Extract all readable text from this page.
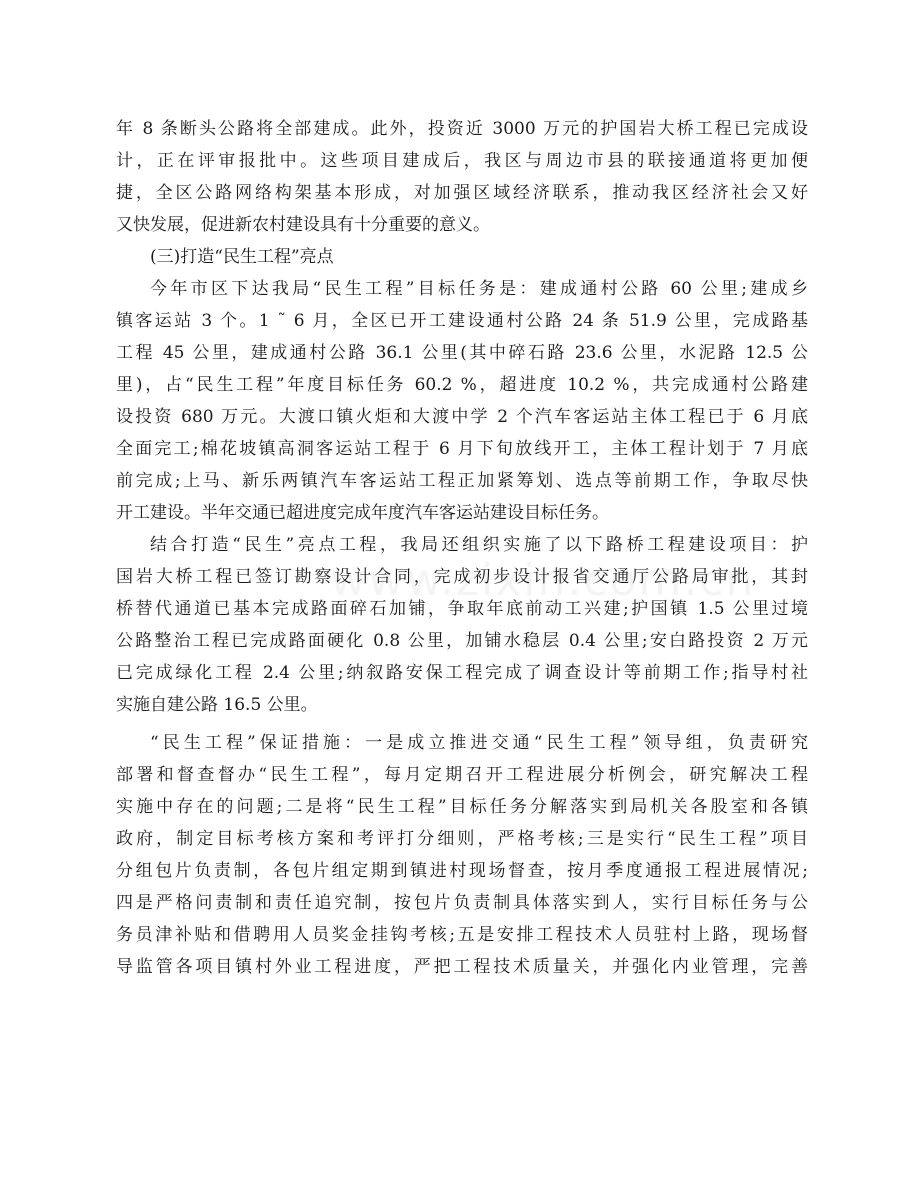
年 8 条断头公路将全部建成。此外，投资近 3000 万元的护国岩大桥工程已完成设
计，正在评审报批中。这些项目建成后，我区与周边市县的联接通道将更加便
捷，全区公路网络构架基本形成，对加强区域经济联系，推动我区经济社会又好
又快发展，促进新农村建设具有十分重要的意义。
(三)打造“民生工程”亮点
今年市区下达我局“民生工程”目标任务是：建成通村公路 60 公里;建成乡
镇客运站 3 个。1 ˜ 6 月，全区已开工建设通村公路 24 条 51.9 公里，完成路基
工程 45 公里，建成通村公路 36.1 公里(其中碎石路 23.6 公里，水泥路 12.5 公
里)，占“民生工程”年度目标任务 60.2 %，超进度 10.2 %，共完成通村公路建
设投资 680 万元。大渡口镇火炬和大渡中学 2 个汽车客运站主体工程已于 6 月底
全面完工;棉花坡镇高洞客运站工程于 6 月下旬放线开工，主体工程计划于 7 月底
前完成;上马、新乐两镇汽车客运站工程正加紧筹划、选点等前期工作，争取尽快
开工建设。半年交通已超进度完成年度汽车客运站建设目标任务。
结合打造“民生”亮点工程，我局还组织实施了以下路桥工程建设项目：护
国岩大桥工程已签订勘察设计合同，完成初步设计报省交通厅公路局审批，其封
桥替代通道已基本完成路面碎石加铺，争取年底前动工兴建;护国镇 1.5 公里过境
公路整治工程已完成路面硬化 0.8 公里，加铺水稳层 0.4 公里;安白路投资 2 万元
已完成绿化工程 2.4 公里;纳叙路安保工程完成了调查设计等前期工作;指导村社
实施自建公路 16.5 公里。
“民生工程”保证措施：一是成立推进交通“民生工程”领导组，负责研究
部署和督查督办“民生工程”，每月定期召开工程进展分析例会，研究解决工程
实施中存在的问题;二是将“民生工程”目标任务分解落实到局机关各股室和各镇
政府，制定目标考核方案和考评打分细则，严格考核;三是实行“民生工程”项目
分组包片负责制，各包片组定期到镇进村现场督查，按月季度通报工程进展情况;
四是严格问责制和责任追究制，按包片负责制具体落实到人，实行目标任务与公
务员津补贴和借聘用人员奖金挂钩考核;五是安排工程技术人员驻村上路，现场督
导监管各项目镇村外业工程进度，严把工程技术质量关，并强化内业管理，完善
